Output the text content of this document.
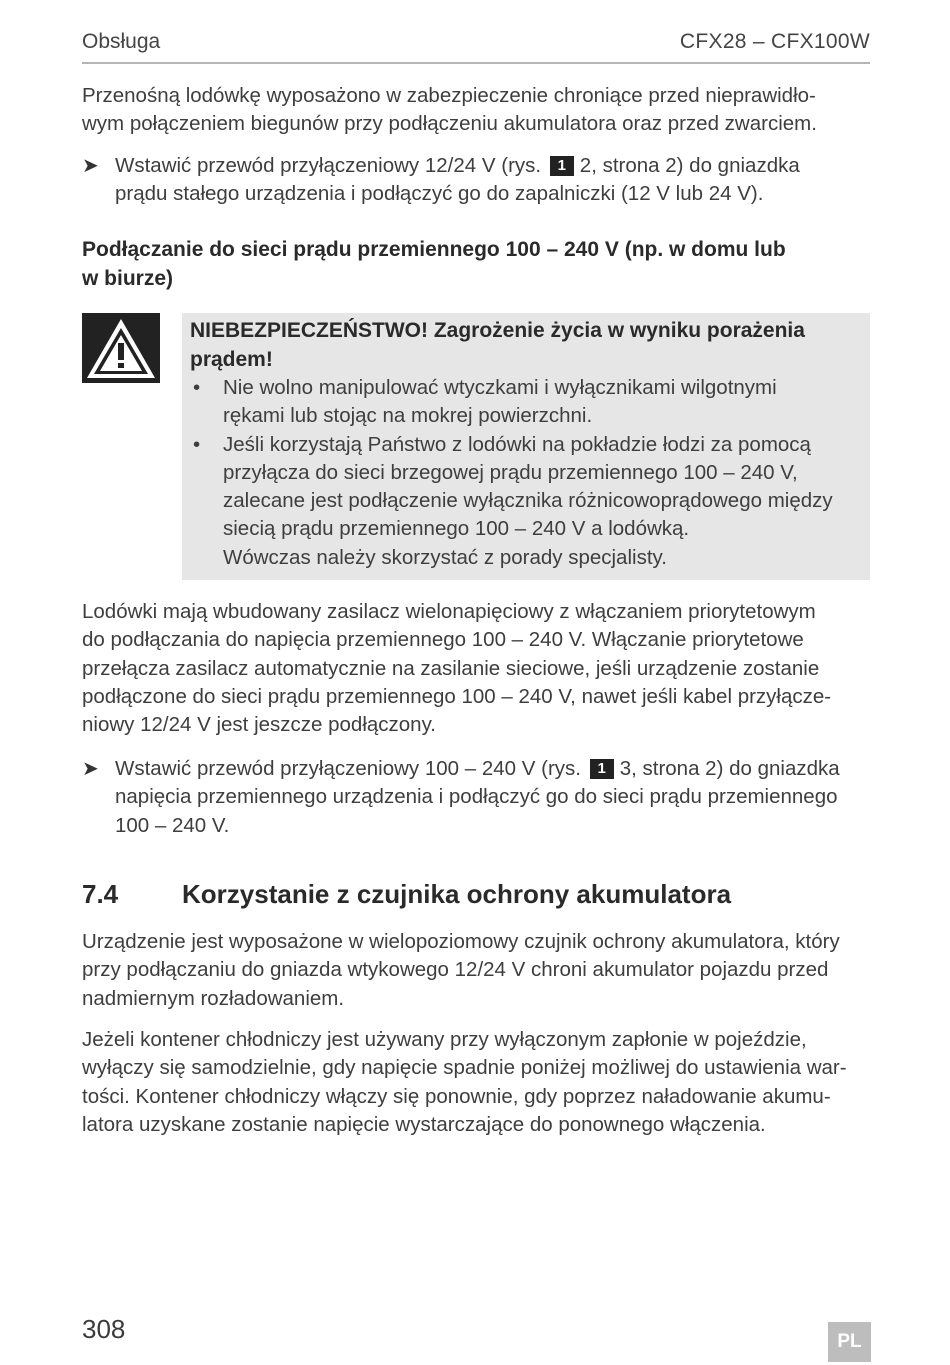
Obsługa	CFX28 – CFX100W

Przenośną lodówkę wyposażono w zabezpieczenie chroniące przed nieprawidło-

wym połączeniem biegunów przy podłączeniu akumulatora oraz przed zwarciem.

➤ Wstawić przewód przyłączeniowy 12/24 V (rys. 1 2, strona 2) do gniazdka
prądu stałego urządzenia i podłączyć go do zapalniczki (12 V lub 24 V).

Podłączanie do sieci prądu przemiennego 100 – 240 V (np. w domu lub

w biurze)

NIEBEZPIECZEŃSTWO! Zagrożenie życia w wyniku porażenia
prądem!
• Nie wolno manipulować wtyczkami i wyłącznikami wilgotnymi
rękami lub stojąc na mokrej powierzchni.
• Jeśli korzystają Państwo z lodówki na pokładzie łodzi za pomocą
przyłącza do sieci brzegowej prądu przemiennego 100 – 240 V,
zalecane jest podłączenie wyłącznika różnicowoprądowego między
siecią prądu przemiennego 100 – 240 V a lodówką.
Wówczas należy skorzystać z porady specjalisty.

Lodówki mają wbudowany zasilacz wielonapięciowy z włączaniem priorytetowym

do podłączania do napięcia przemiennego 100 – 240 V. Włączanie priorytetowe

przełącza zasilacz automatycznie na zasilanie sieciowe, jeśli urządzenie zostanie

podłączone do sieci prądu przemiennego 100 – 240 V, nawet jeśli kabel przyłącze-

niowy 12/24 V jest jeszcze podłączony.

➤ Wstawić przewód przyłączeniowy 100 – 240 V (rys. 1 3, strona 2) do gniazdka
napięcia przemiennego urządzenia i podłączyć go do sieci prądu przemiennego
100 – 240 V.
7.4 Korzystanie z czujnika ochrony akumulatora

Urządzenie jest wyposażone w wielopoziomowy czujnik ochrony akumulatora, który

przy podłączaniu do gniazda wtykowego 12/24 V chroni akumulator pojazdu przed

nadmiernym rozładowaniem.

Jeżeli kontener chłodniczy jest używany przy wyłączonym zapłonie w pojeździe,

wyłączy się samodzielnie, gdy napięcie spadnie poniżej możliwej do ustawienia war-

tości. Kontener chłodniczy włączy się ponownie, gdy poprzez naładowanie akumu-

latora uzyskane zostanie napięcie wystarczające do ponownego włączenia.

308	PL
